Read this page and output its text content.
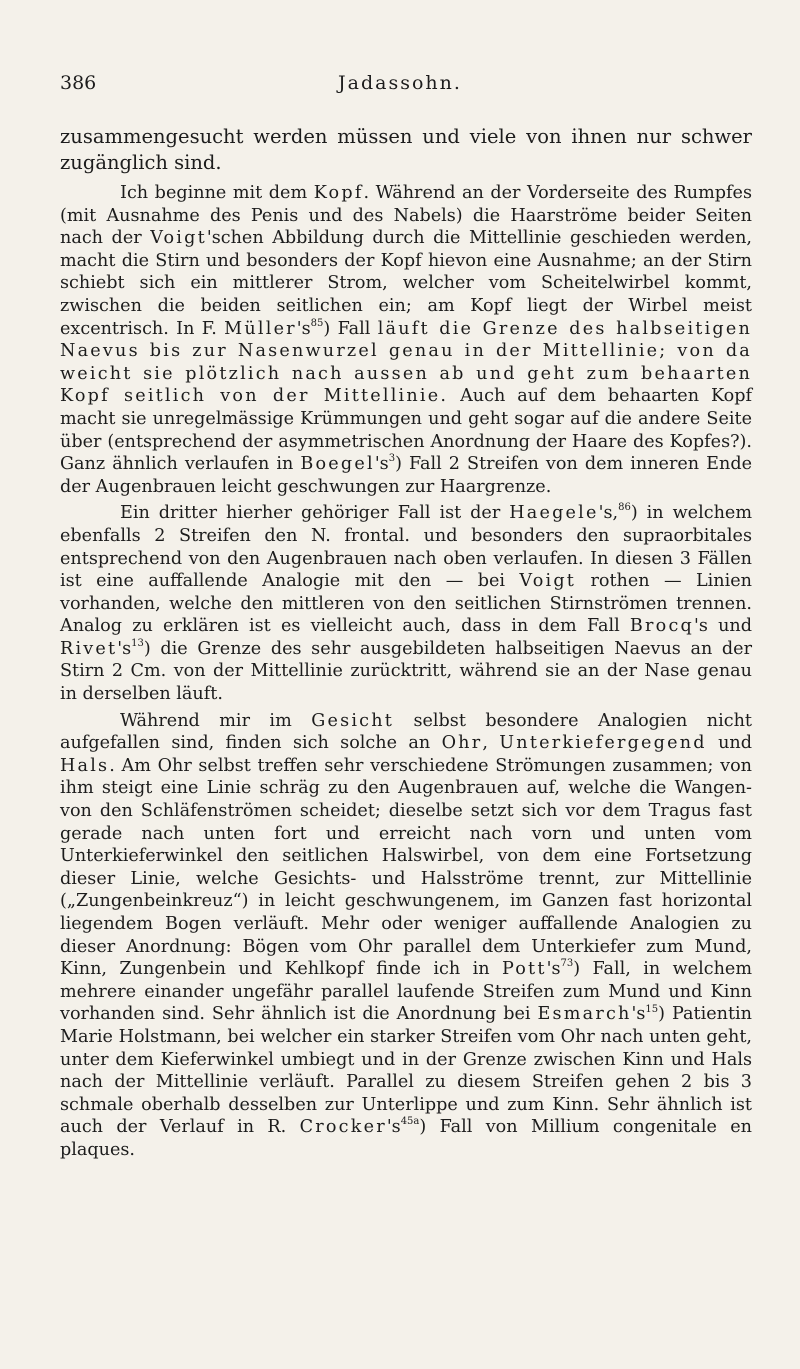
386	Jadassohn.

zusammengesucht werden müssen und viele von ihnen nur schwer zugänglich sind.

Ich beginne mit dem Kopf. Während an der Vorderseite des Rumpfes (mit Ausnahme des Penis und des Nabels) die Haarströme beider Seiten nach der Voigt'schen Abbildung durch die Mittellinie geschieden werden, macht die Stirn und besonders der Kopf hievon eine Ausnahme; an der Stirn schiebt sich ein mittlerer Strom, welcher vom Scheitelwirbel kommt, zwischen die beiden seitlichen ein; am Kopf liegt der Wirbel meist excentrisch. In F. $Müller's^{85}$) Fall läuft die Grenze des halbseitigen Naevus bis zur Nasenwurzel genau in der Mittellinie; von da weicht sie plötzlich nach aussen ab und geht zum behaarten Kopf seitlich von der Mittellinie. Auch auf dem behaarten Kopf macht sie unregelmässige Krümmungen und geht sogar auf die andere Seite über (entsprechend der asymmetrischen Anordnung der Haare des Kopfes?). Ganz ähnlich verlaufen in $Boegel's^3$) Fall 2 Streifen von dem inneren Ende der Augenbrauen leicht geschwungen zur Haargrenze.

Ein dritter hierher gehöriger Fall ist der Haegele's,$^{86}$) in welchem ebenfalls 2 Streifen den N. frontal. und besonders den supraorbitales entsprechend von den Augenbrauen nach oben verlaufen. In diesen 3 Fällen ist eine auffallende Analogie mit den — bei Voigt rothen — Linien vorhanden, welche den mittleren von den seitlichen Stirnströmen trennen. Analog zu erklären ist es vielleicht auch, dass in dem Fall Brocq's und $Rivet's^{13}$) die Grenze des sehr ausgebildeten halbseitigen Naevus an der Stirn 2 Cm. von der Mittellinie zurücktritt, während sie an der Nase genau in derselben läuft.

Während mir im Gesicht selbst besondere Analogien nicht aufgefallen sind, finden sich solche an Ohr, Unterkiefergegend und Hals. Am Ohr selbst treffen sehr verschiedene Strömungen zusammen; von ihm steigt eine Linie schräg zu den Augenbrauen auf, welche die Wangen- von den Schläfenströmen scheidet; dieselbe setzt sich vor dem Tragus fast gerade nach unten fort und erreicht nach vorn und unten vom Unterkieferwinkel den seitlichen Halswirbel, von dem eine Fortsetzung dieser Linie, welche Gesichts- und Halsströme trennt, zur Mittellinie („Zungenbeinkreuz“) in leicht geschwungenem, im Ganzen fast horizontal liegendem Bogen verläuft. Mehr oder weniger auffallende Analogien zu dieser Anordnung: Bögen vom Ohr parallel dem Unterkiefer zum Mund, Kinn, Zungenbein und Kehlkopf finde ich in $Pott's^{73}$) Fall, in welchem mehrere einander ungefähr parallel laufende Streifen zum Mund und Kinn vorhanden sind. Sehr ähnlich ist die Anordnung bei $Esmarch's^{15}$) Patientin Marie Holstmann, bei welcher ein starker Streifen vom Ohr nach unten geht, unter dem Kieferwinkel umbiegt und in der Grenze zwischen Kinn und Hals nach der Mittellinie verläuft. Parallel zu diesem Streifen gehen 2 bis 3 schmale oberhalb desselben zur Unterlippe und zum Kinn. Sehr ähnlich ist auch der Verlauf in R. $Crocker's^{45a}$) Fall von Millium congenitale en plaques.
